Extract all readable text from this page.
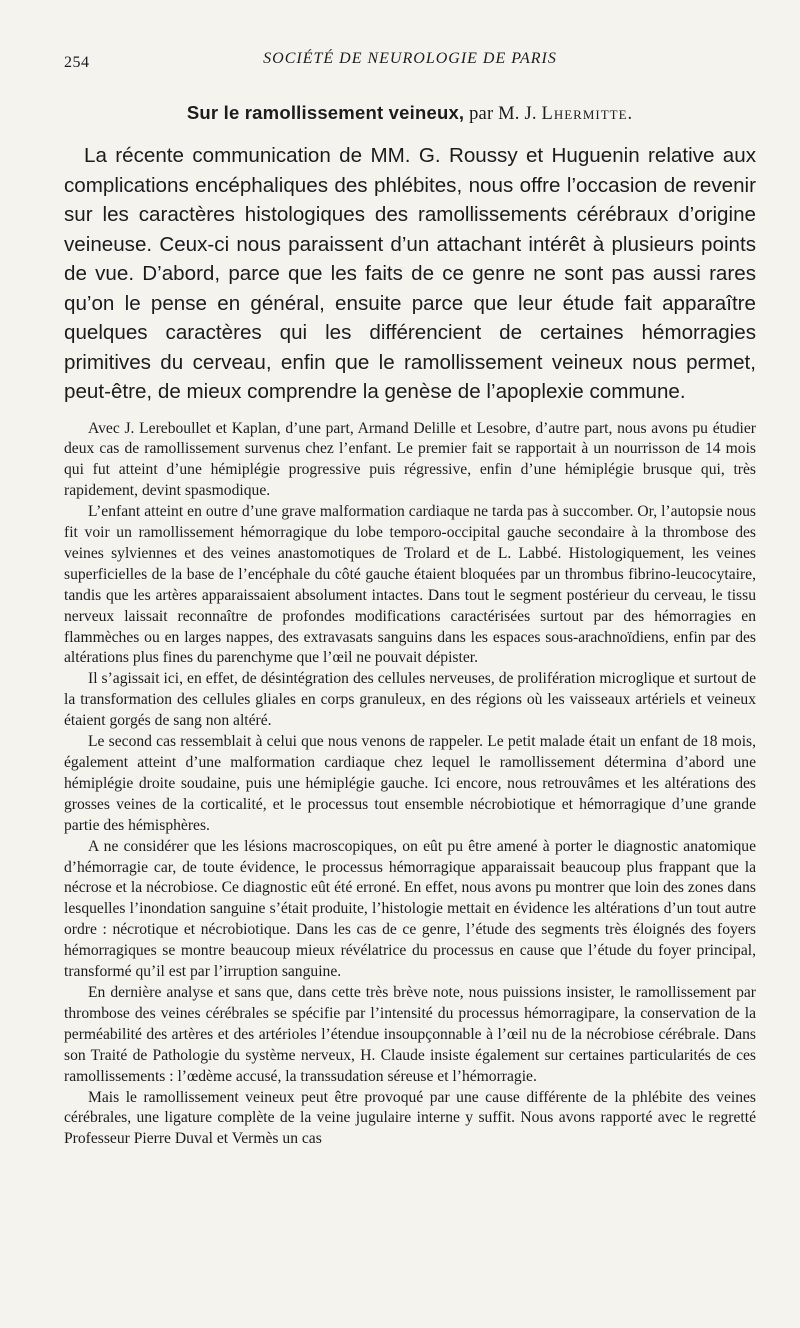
254	SOCIÉTÉ DE NEUROLOGIE DE PARIS
Sur le ramollissement veineux, par M. J. Lhermitte.

La récente communication de MM. G. Roussy et Huguenin relative aux complications encéphaliques des phlébites, nous offre l’occasion de revenir sur les caractères histologiques des ramollissements cérébraux d’origine veineuse. Ceux-ci nous paraissent d’un attachant intérêt à plusieurs points de vue. D’abord, parce que les faits de ce genre ne sont pas aussi rares qu’on le pense en général, ensuite parce que leur étude fait apparaître quelques caractères qui les différencient de certaines hémorragies primitives du cerveau, enfin que le ramollissement veineux nous permet, peut-être, de mieux comprendre la genèse de l’apoplexie commune.

Avec J. Lereboullet et Kaplan, d’une part, Armand Delille et Lesobre, d’autre part, nous avons pu étudier deux cas de ramollissement survenus chez l’enfant. Le premier fait se rapportait à un nourrisson de 14 mois qui fut atteint d’une hémiplégie progressive puis régressive, enfin d’une hémiplégie brusque qui, très rapidement, devint spasmodique.

L’enfant atteint en outre d’une grave malformation cardiaque ne tarda pas à succomber. Or, l’autopsie nous fit voir un ramollissement hémorragique du lobe temporo-occipital gauche secondaire à la thrombose des veines sylviennes et des veines anastomotiques de Trolard et de L. Labbé. Histologiquement, les veines superficielles de la base de l’encéphale du côté gauche étaient bloquées par un thrombus fibrino-leucocytaire, tandis que les artères apparaissaient absolument intactes. Dans tout le segment postérieur du cerveau, le tissu nerveux laissait reconnaître de profondes modifications caractérisées surtout par des hémorragies en flammèches ou en larges nappes, des extravasats sanguins dans les espaces sous-arachnoïdiens, enfin par des altérations plus fines du parenchyme que l’œil ne pouvait dépister.

Il s’agissait ici, en effet, de désintégration des cellules nerveuses, de prolifération microglique et surtout de la transformation des cellules gliales en corps granuleux, en des régions où les vaisseaux artériels et veineux étaient gorgés de sang non altéré.

Le second cas ressemblait à celui que nous venons de rappeler. Le petit malade était un enfant de 18 mois, également atteint d’une malformation cardiaque chez lequel le ramollissement détermina d’abord une hémiplégie droite soudaine, puis une hémiplégie gauche. Ici encore, nous retrouvâmes et les altérations des grosses veines de la corticalité, et le processus tout ensemble nécrobiotique et hémorragique d’une grande partie des hémisphères.

A ne considérer que les lésions macroscopiques, on eût pu être amené à porter le diagnostic anatomique d’hémorragie car, de toute évidence, le processus hémorragique apparaissait beaucoup plus frappant que la nécrose et la nécrobiose. Ce diagnostic eût été erroné. En effet, nous avons pu montrer que loin des zones dans lesquelles l’inondation sanguine s’était produite, l’histologie mettait en évidence les altérations d’un tout autre ordre : nécrotique et nécrobiotique. Dans les cas de ce genre, l’étude des segments très éloignés des foyers hémorragiques se montre beaucoup mieux révélatrice du processus en cause que l’étude du foyer principal, transformé qu’il est par l’irruption sanguine.

En dernière analyse et sans que, dans cette très brève note, nous puissions insister, le ramollissement par thrombose des veines cérébrales se spécifie par l’intensité du processus hémorragipare, la conservation de la perméabilité des artères et des artérioles l’étendue insoupçonnable à l’œil nu de la nécrobiose cérébrale. Dans son Traité de Pathologie du système nerveux, H. Claude insiste également sur certaines particularités de ces ramollissements : l’œdème accusé, la transsudation séreuse et l’hémorragie.

Mais le ramollissement veineux peut être provoqué par une cause différente de la phlébite des veines cérébrales, une ligature complète de la veine jugulaire interne y suffit. Nous avons rapporté avec le regretté Professeur Pierre Duval et Vermès un cas
